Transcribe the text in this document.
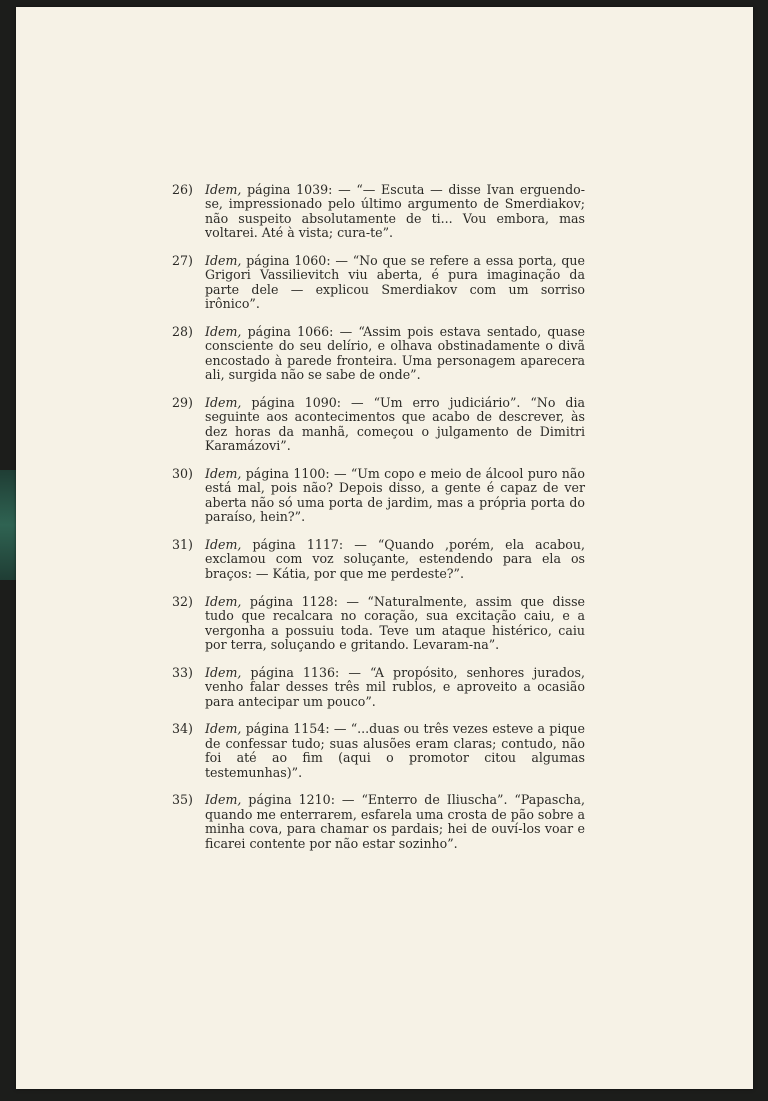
26) Idem, página 1039: — “— Escuta — disse Ivan erguendo-se, impressionado pelo último argumento de Smerdiakov; não suspeito absolutamente de ti... Vou embora, mas voltarei. Até à vista; cura-te”.
27) Idem, página 1060: — “No que se refere a essa porta, que Grigori Vassilievitch viu aberta, é pura imaginação da parte dele — explicou Smerdiakov com um sorriso irônico”.
28) Idem, página 1066: — “Assim pois estava sentado, quase consciente do seu delírio, e olhava obstinadamente o divã encostado à parede fronteira. Uma personagem aparecera ali, surgida não se sabe de onde”.
29) Idem, página 1090: — “Um erro judiciário”. “No dia seguinte aos acontecimentos que acabo de descrever, às dez horas da manhã, começou o julgamento de Dimitri Karamázovi”.
30) Idem, página 1100: — “Um copo e meio de álcool puro não está mal, pois não? Depois disso, a gente é capaz de ver aberta não só uma porta de jardim, mas a própria porta do paraíso, hein?”.
31) Idem, página 1117: — “Quando ,porém, ela acabou, exclamou com voz soluçante, estendendo para ela os braços: — Kátia, por que me perdeste?”.
32) Idem, página 1128: — “Naturalmente, assim que disse tudo que recalcara no coração, sua excitação caiu, e a vergonha a possuiu toda. Teve um ataque histérico, caiu por terra, soluçando e gritando. Levaram-na”.
33) Idem, página 1136: — “A propósito, senhores jurados, venho falar desses três mil rublos, e aproveito a ocasião para antecipar um pouco”.
34) Idem, página 1154: — “...duas ou três vezes esteve a pique de confessar tudo; suas alusões eram claras; contudo, não foi até ao fim (aqui o promotor citou algumas testemunhas)”.
35) Idem, página 1210: — “Enterro de Iliuscha”. “Papascha, quando me enterrarem, esfarela uma crosta de pão sobre a minha cova, para chamar os pardais; hei de ouví-los voar e ficarei contente por não estar sozinho”.
